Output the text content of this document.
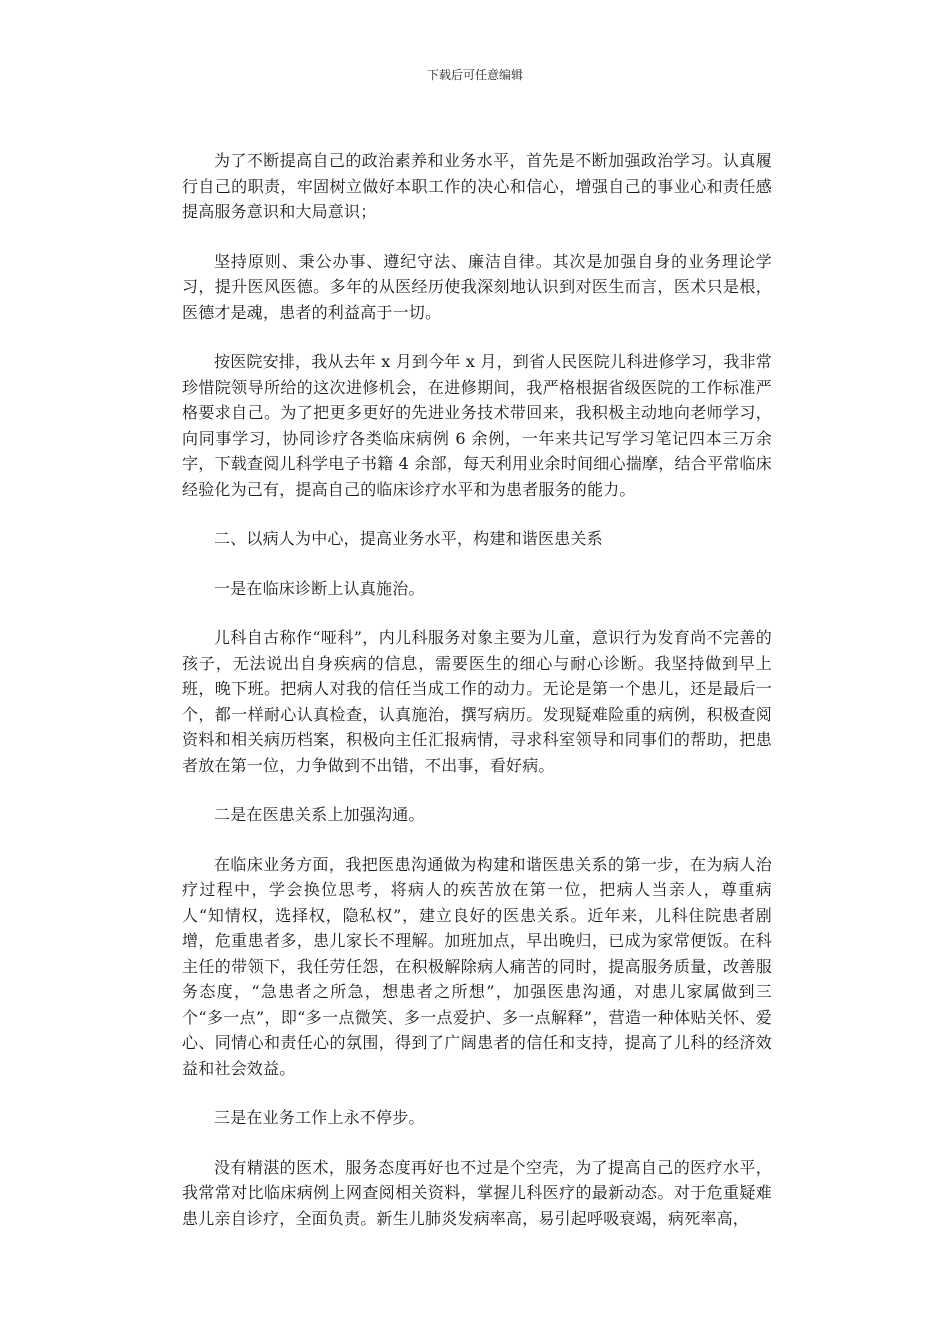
下载后可任意编辑

为了不断提高自己的政治素养和业务水平，首先是不断加强政治学习。认真履行自己的职责，牢固树立做好本职工作的决心和信心，增强自己的事业心和责任感提高服务意识和大局意识；

坚持原则、秉公办事、遵纪守法、廉洁自律。其次是加强自身的业务理论学习，提升医风医德。多年的从医经历使我深刻地认识到对医生而言，医术只是根，医德才是魂，患者的利益高于一切。

按医院安排，我从去年 x 月到今年 x 月，到省人民医院儿科进修学习，我非常珍惜院领导所给的这次进修机会，在进修期间，我严格根据省级医院的工作标准严格要求自己。为了把更多更好的先进业务技术带回来，我积极主动地向老师学习，向同事学习，协同诊疗各类临床病例 6 余例，一年来共记写学习笔记四本三万余字，下载查阅儿科学电子书籍 4 余部，每天利用业余时间细心揣摩，结合平常临床经验化为己有，提高自己的临床诊疗水平和为患者服务的能力。

二、以病人为中心，提高业务水平，构建和谐医患关系

一是在临床诊断上认真施治。

儿科自古称作“哑科”，内儿科服务对象主要为儿童，意识行为发育尚不完善的孩子，无法说出自身疾病的信息，需要医生的细心与耐心诊断。我坚持做到早上班，晚下班。把病人对我的信任当成工作的动力。无论是第一个患儿，还是最后一个，都一样耐心认真检查，认真施治，撰写病历。发现疑难险重的病例，积极查阅资料和相关病历档案，积极向主任汇报病情，寻求科室领导和同事们的帮助，把患者放在第一位，力争做到不出错，不出事，看好病。

二是在医患关系上加强沟通。

在临床业务方面，我把医患沟通做为构建和谐医患关系的第一步，在为病人治疗过程中，学会换位思考，将病人的疾苦放在第一位，把病人当亲人，尊重病人“知情权，选择权，隐私权”，建立良好的医患关系。近年来，儿科住院患者剧增，危重患者多，患儿家长不理解。加班加点，早出晚归，已成为家常便饭。在科主任的带领下，我任劳任怨，在积极解除病人痛苦的同时，提高服务质量，改善服务态度，“急患者之所急，想患者之所想”，加强医患沟通，对患儿家属做到三个“多一点”，即“多一点微笑、多一点爱护、多一点解释”，营造一种体贴关怀、爱心、同情心和责任心的氛围，得到了广阔患者的信任和支持，提高了儿科的经济效益和社会效益。

三是在业务工作上永不停步。

没有精湛的医术，服务态度再好也不过是个空壳，为了提高自己的医疗水平，我常常对比临床病例上网查阅相关资料，掌握儿科医疗的最新动态。对于危重疑难患儿亲自诊疗，全面负责。新生儿肺炎发病率高，易引起呼吸衰竭，病死率高，
